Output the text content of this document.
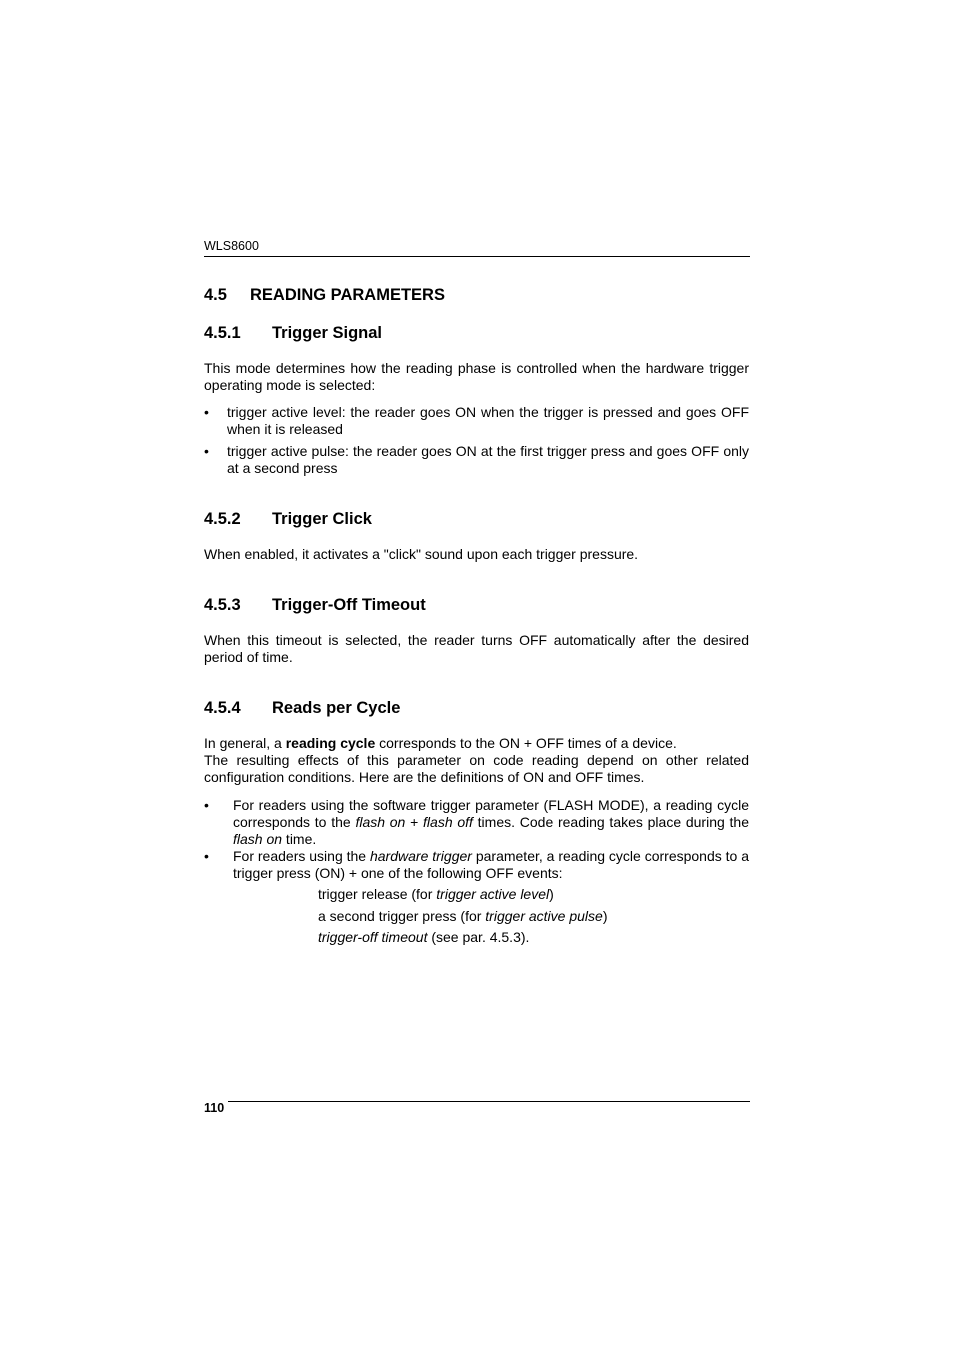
WLS8600
4.5 READING PARAMETERS
4.5.1 Trigger Signal
This mode determines how the reading phase is controlled when the hardware trigger operating mode is selected:
• trigger active level: the reader goes ON when the trigger is pressed and goes OFF when it is released
• trigger active pulse: the reader goes ON at the first trigger press and goes OFF only at a second press
4.5.2 Trigger Click
When enabled, it activates a "click" sound upon each trigger pressure.
4.5.3 Trigger-Off Timeout
When this timeout is selected, the reader turns OFF automatically after the desired period of time.
4.5.4 Reads per Cycle
In general, a reading cycle corresponds to the ON + OFF times of a device.
The resulting effects of this parameter on code reading depend on other related configuration conditions. Here are the definitions of ON and OFF times.
• For readers using the software trigger parameter (FLASH MODE), a reading cycle corresponds to the flash on + flash off times. Code reading takes place during the flash on time.
• For readers using the hardware trigger parameter, a reading cycle corresponds to a trigger press (ON) + one of the following OFF events:
trigger release (for trigger active level)
a second trigger press (for trigger active pulse)
trigger-off timeout (see par. 4.5.3).
110
